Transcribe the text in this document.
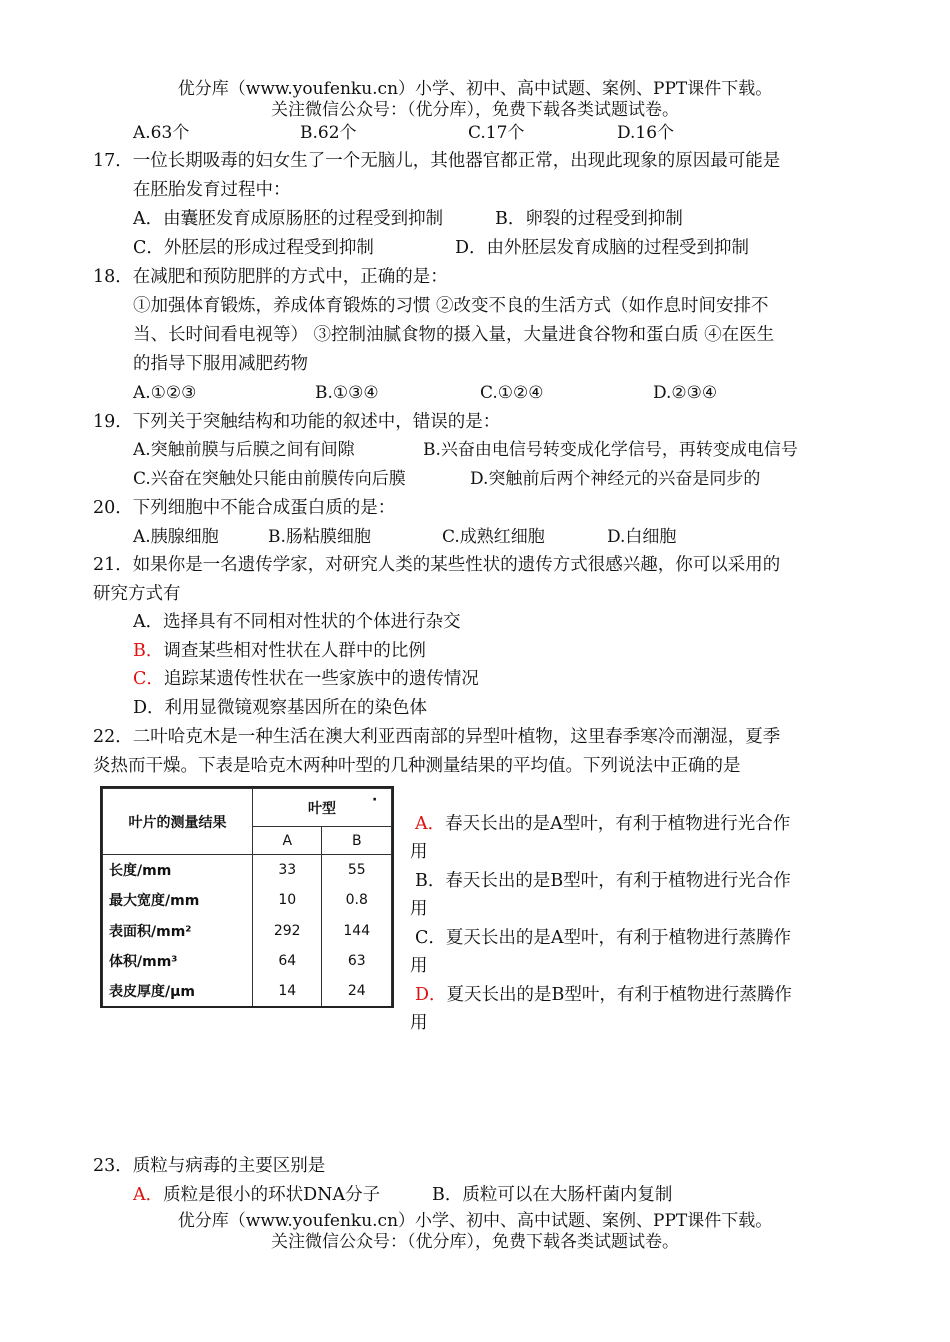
优分库（www.youfenku.cn）小学、初中、高中试题、案例、PPT课件下载。
关注微信公众号：（优分库），免费下载各类试题试卷。
A.63个	B.62个	C.17个	D.16个
17．一位长期吸毒的妇女生了一个无脑儿，其他器官都正常，出现此现象的原因最可能是
在胚胎发育过程中：
A．由囊胚发育成原肠胚的过程受到抑制	B．卵裂的过程受到抑制
C．外胚层的形成过程受到抑制	D．由外胚层发育成脑的过程受到抑制
18．在减肥和预防肥胖的方式中，正确的是：
①加强体育锻炼，养成体育锻炼的习惯 ②改变不良的生活方式（如作息时间安排不
当、长时间看电视等） ③控制油腻食物的摄入量，大量进食谷物和蛋白质 ④在医生
的指导下服用减肥药物
A.①②③	B.①③④	C.①②④	D.②③④
19．下列关于突触结构和功能的叙述中，错误的是：
A.突触前膜与后膜之间有间隙	B.兴奋由电信号转变成化学信号，再转变成电信号
C.兴奋在突触处只能由前膜传向后膜	D.突触前后两个神经元的兴奋是同步的
20．下列细胞中不能合成蛋白质的是：
A.胰腺细胞	B.肠粘膜细胞	C.成熟红细胞	D.白细胞
21．如果你是一名遗传学家，对研究人类的某些性状的遗传方式很感兴趣，你可以采用的
研究方式有
A．选择具有不同相对性状的个体进行杂交
B．调查某些相对性状在人群中的比例
C．追踪某遗传性状在一些家族中的遗传情况
D．利用显微镜观察基因所在的染色体
22．二叶哈克木是一种生活在澳大利亚西南部的异型叶植物，这里春季寒冷而潮湿，夏季
炎热而干燥。下表是哈克木两种叶型的几种测量结果的平均值。下列说法中正确的是
叶片的测量结果	叶型
·	

	A	B
长度/mm	33	55
最大宽度/mm	10	0.8
表面积/mm²	292	144
体积/mm³	64	63
表皮厚度/μm	14	24
A．春天长出的是A型叶，有利于植物进行光合作
用
B．春天长出的是B型叶，有利于植物进行光合作
用
C．夏天长出的是A型叶，有利于植物进行蒸腾作
用
D．夏天长出的是B型叶，有利于植物进行蒸腾作
用
23．质粒与病毒的主要区别是
A．质粒是很小的环状DNA分子	B．质粒可以在大肠杆菌内复制
优分库（www.youfenku.cn）小学、初中、高中试题、案例、PPT课件下载。
关注微信公众号：（优分库），免费下载各类试题试卷。
